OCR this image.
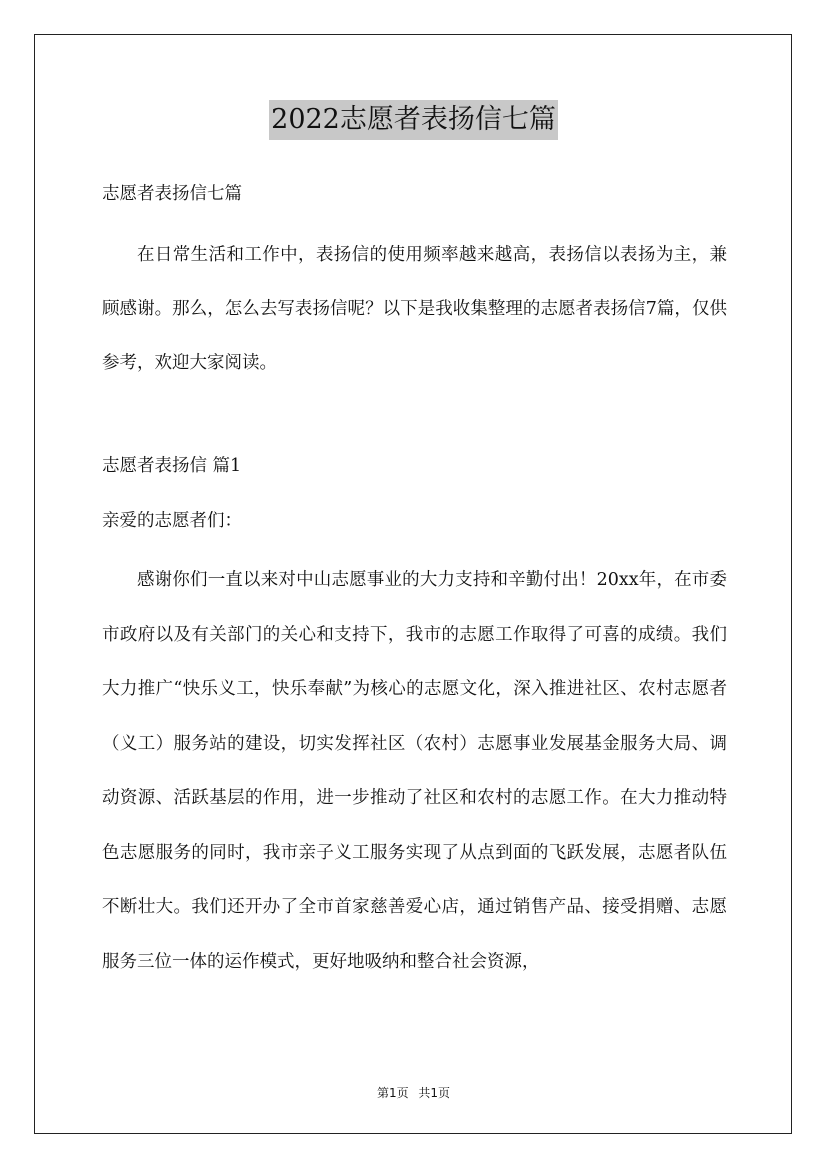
2022志愿者表扬信七篇

志愿者表扬信七篇

在日常生活和工作中，表扬信的使用频率越来越高，表扬信以表扬为主，兼顾感谢。那么，怎么去写表扬信呢？以下是我收集整理的志愿者表扬信7篇，仅供参考，欢迎大家阅读。

志愿者表扬信 篇1

亲爱的志愿者们：

感谢你们一直以来对中山志愿事业的大力支持和辛勤付出！20xx年，在市委市政府以及有关部门的关心和支持下，我市的志愿工作取得了可喜的成绩。我们大力推广“快乐义工，快乐奉献”为核心的志愿文化，深入推进社区、农村志愿者（义工）服务站的建设，切实发挥社区（农村）志愿事业发展基金服务大局、调动资源、活跃基层的作用，进一步推动了社区和农村的志愿工作。在大力推动特色志愿服务的同时，我市亲子义工服务实现了从点到面的飞跃发展，志愿者队伍不断壮大。我们还开办了全市首家慈善爱心店，通过销售产品、接受捐赠、志愿服务三位一体的运作模式，更好地吸纳和整合社会资源，

第1页 共1页
